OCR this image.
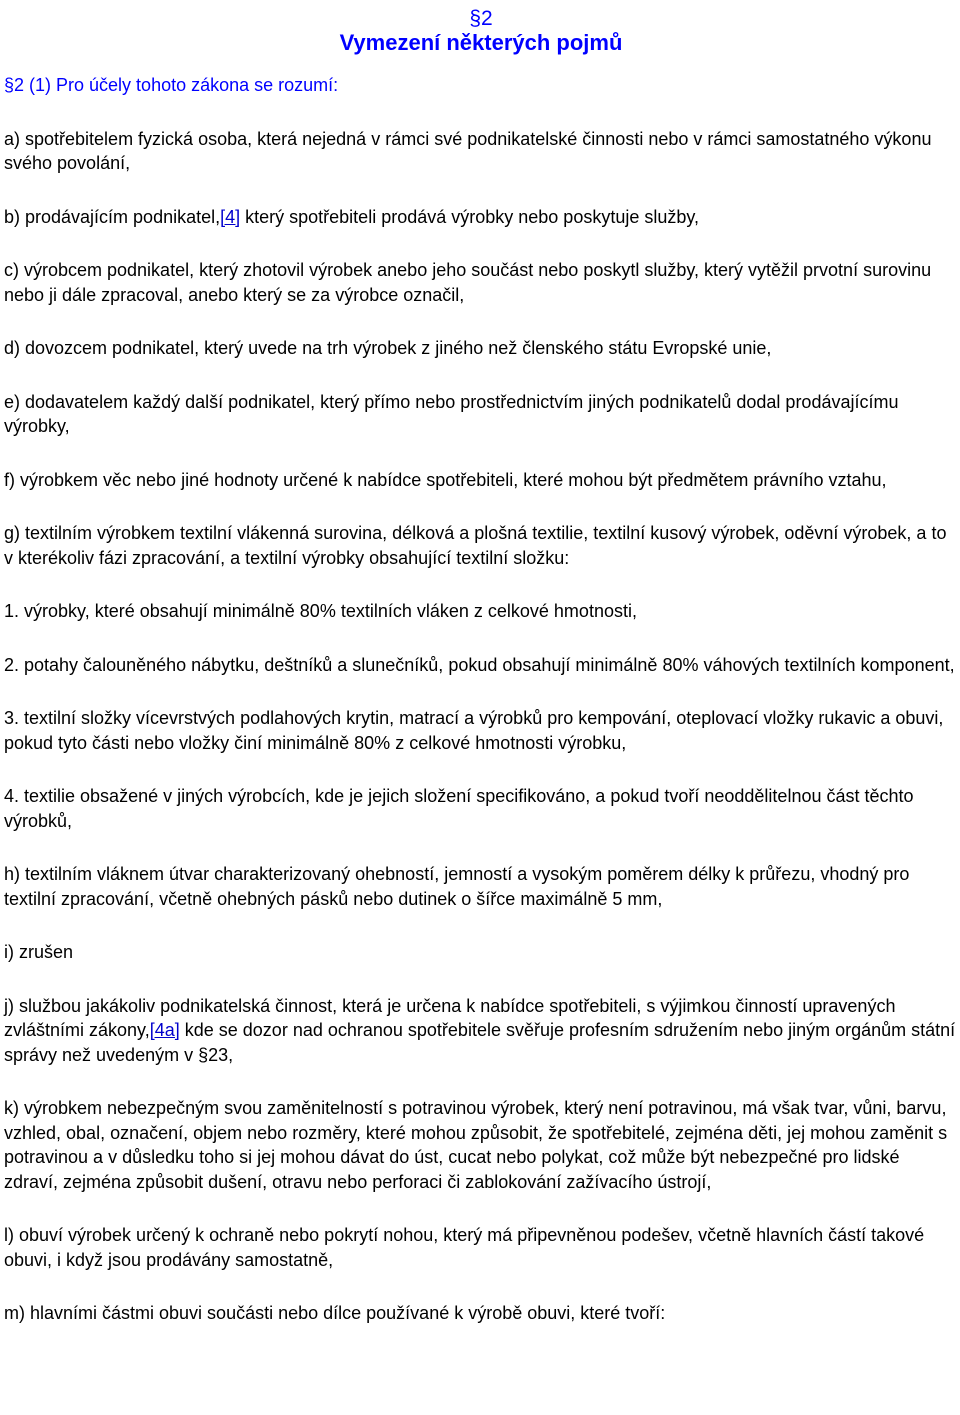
§2
Vymezení některých pojmů

§2 (1) Pro účely tohoto zákona se rozumí:

a) spotřebitelem fyzická osoba, která nejedná v rámci své podnikatelské činnosti nebo v rámci samostatného výkonu svého povolání,

b) prodávajícím podnikatel,[4] který spotřebiteli prodává výrobky nebo poskytuje služby,

c) výrobcem podnikatel, který zhotovil výrobek anebo jeho součást nebo poskytl služby, který vytěžil prvotní surovinu nebo ji dále zpracoval, anebo který se za výrobce označil,

d) dovozcem podnikatel, který uvede na trh výrobek z jiného než členského státu Evropské unie,

e) dodavatelem každý další podnikatel, který přímo nebo prostřednictvím jiných podnikatelů dodal prodávajícímu výrobky,

f) výrobkem věc nebo jiné hodnoty určené k nabídce spotřebiteli, které mohou být předmětem právního vztahu,

g) textilním výrobkem textilní vlákenná surovina, délková a plošná textilie, textilní kusový výrobek, oděvní výrobek, a to v kterékoliv fázi zpracování, a textilní výrobky obsahující textilní složku:

1. výrobky, které obsahují minimálně 80% textilních vláken z celkové hmotnosti,

2. potahy čalouněného nábytku, deštníků a slunečníků, pokud obsahují minimálně 80% váhových textilních komponent,

3. textilní složky vícevrstvých podlahových krytin, matrací a výrobků pro kempování, oteplovací vložky rukavic a obuvi, pokud tyto části nebo vložky činí minimálně 80% z celkové hmotnosti výrobku,

4. textilie obsažené v jiných výrobcích, kde je jejich složení specifikováno, a pokud tvoří neoddělitelnou část těchto výrobků,

h) textilním vláknem útvar charakterizovaný ohebností, jemností a vysokým poměrem délky k průřezu, vhodný pro textilní zpracování, včetně ohebných pásků nebo dutinek o šířce maximálně 5 mm,

i) zrušen

j) službou jakákoliv podnikatelská činnost, která je určena k nabídce spotřebiteli, s výjimkou činností upravených zvláštními zákony,[4a] kde se dozor nad ochranou spotřebitele svěřuje profesním sdružením nebo jiným orgánům státní správy než uvedeným v §23,

k) výrobkem nebezpečným svou zaměnitelností s potravinou výrobek, který není potravinou, má však tvar, vůni, barvu, vzhled, obal, označení, objem nebo rozměry, které mohou způsobit, že spotřebitelé, zejména děti, jej mohou zaměnit s potravinou a v důsledku toho si jej mohou dávat do úst, cucat nebo polykat, což může být nebezpečné pro lidské zdraví, zejména způsobit dušení, otravu nebo perforaci či zablokování zažívacího ústrojí,

l) obuví výrobek určený k ochraně nebo pokrytí nohou, který má připevněnou podešev, včetně hlavních částí takové obuvi, i když jsou prodávány samostatně,

m) hlavními částmi obuvi součásti nebo dílce používané k výrobě obuvi, které tvoří:
